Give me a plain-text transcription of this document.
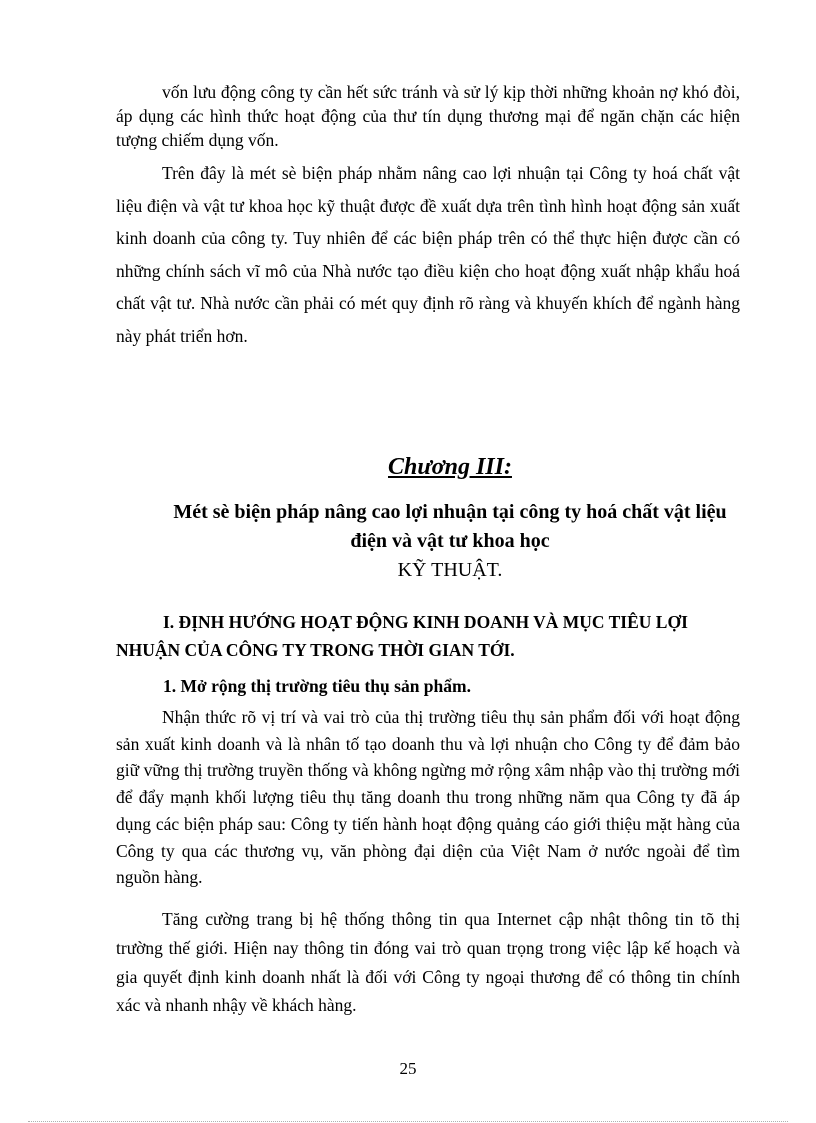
vốn lưu động công ty cần hết sức tránh và sử lý kịp thời những khoản nợ khó đòi, áp dụng các hình thức hoạt động của thư tín dụng thương mại để ngăn chặn các hiện tượng chiếm dụng vốn.

Trên đây là mét sè biện pháp nhằm nâng cao lợi nhuận tại Công ty hoá chất vật liệu điện và vật tư khoa học kỹ thuật được đề xuất dựa trên tình hình hoạt động sản xuất kinh doanh của công ty. Tuy nhiên để các biện pháp trên có thể thực hiện được cần có những chính sách vĩ mô của Nhà nước tạo điều kiện cho hoạt động xuất nhập khẩu hoá chất vật tư. Nhà nước cần phải có mét quy định rõ ràng và khuyến khích để ngành hàng này phát triển hơn.

Chương III:
Mét sè biện pháp nâng cao lợi nhuận tại công ty hoá chất vật liệu
điện và vật tư khoa học
KỸ THUẬT.
I. ĐỊNH HƯỚNG HOẠT ĐỘNG KINH DOANH VÀ MỤC TIÊU LỢI
NHUẬN CỦA CÔNG TY TRONG THỜI GIAN TỚI.
1. Mở rộng thị trường tiêu thụ sản phẩm.

Nhận thức rõ vị trí và vai trò của thị trường tiêu thụ sản phẩm đối với hoạt động sản xuất kinh doanh và là nhân tố tạo doanh thu và lợi nhuận cho Công ty để đảm bảo giữ vững thị trường truyền thống và không ngừng mở rộng xâm nhập vào thị trường mới để đẩy mạnh khối lượng tiêu thụ tăng doanh thu trong những năm qua Công ty đã áp dụng các biện pháp sau: Công ty tiến hành hoạt động quảng cáo giới thiệu mặt hàng của Công ty qua các thương vụ, văn phòng đại diện của Việt Nam ở nước ngoài để tìm nguồn hàng.

Tăng cường trang bị hệ thống thông tin qua Internet cập nhật thông tin tõ thị trường thế giới. Hiện nay thông tin đóng vai trò quan trọng trong việc lập kế hoạch và gia quyết định kinh doanh nhất là đối với Công ty ngoại thương để có thông tin chính xác và nhanh nhậy về khách hàng.

25
